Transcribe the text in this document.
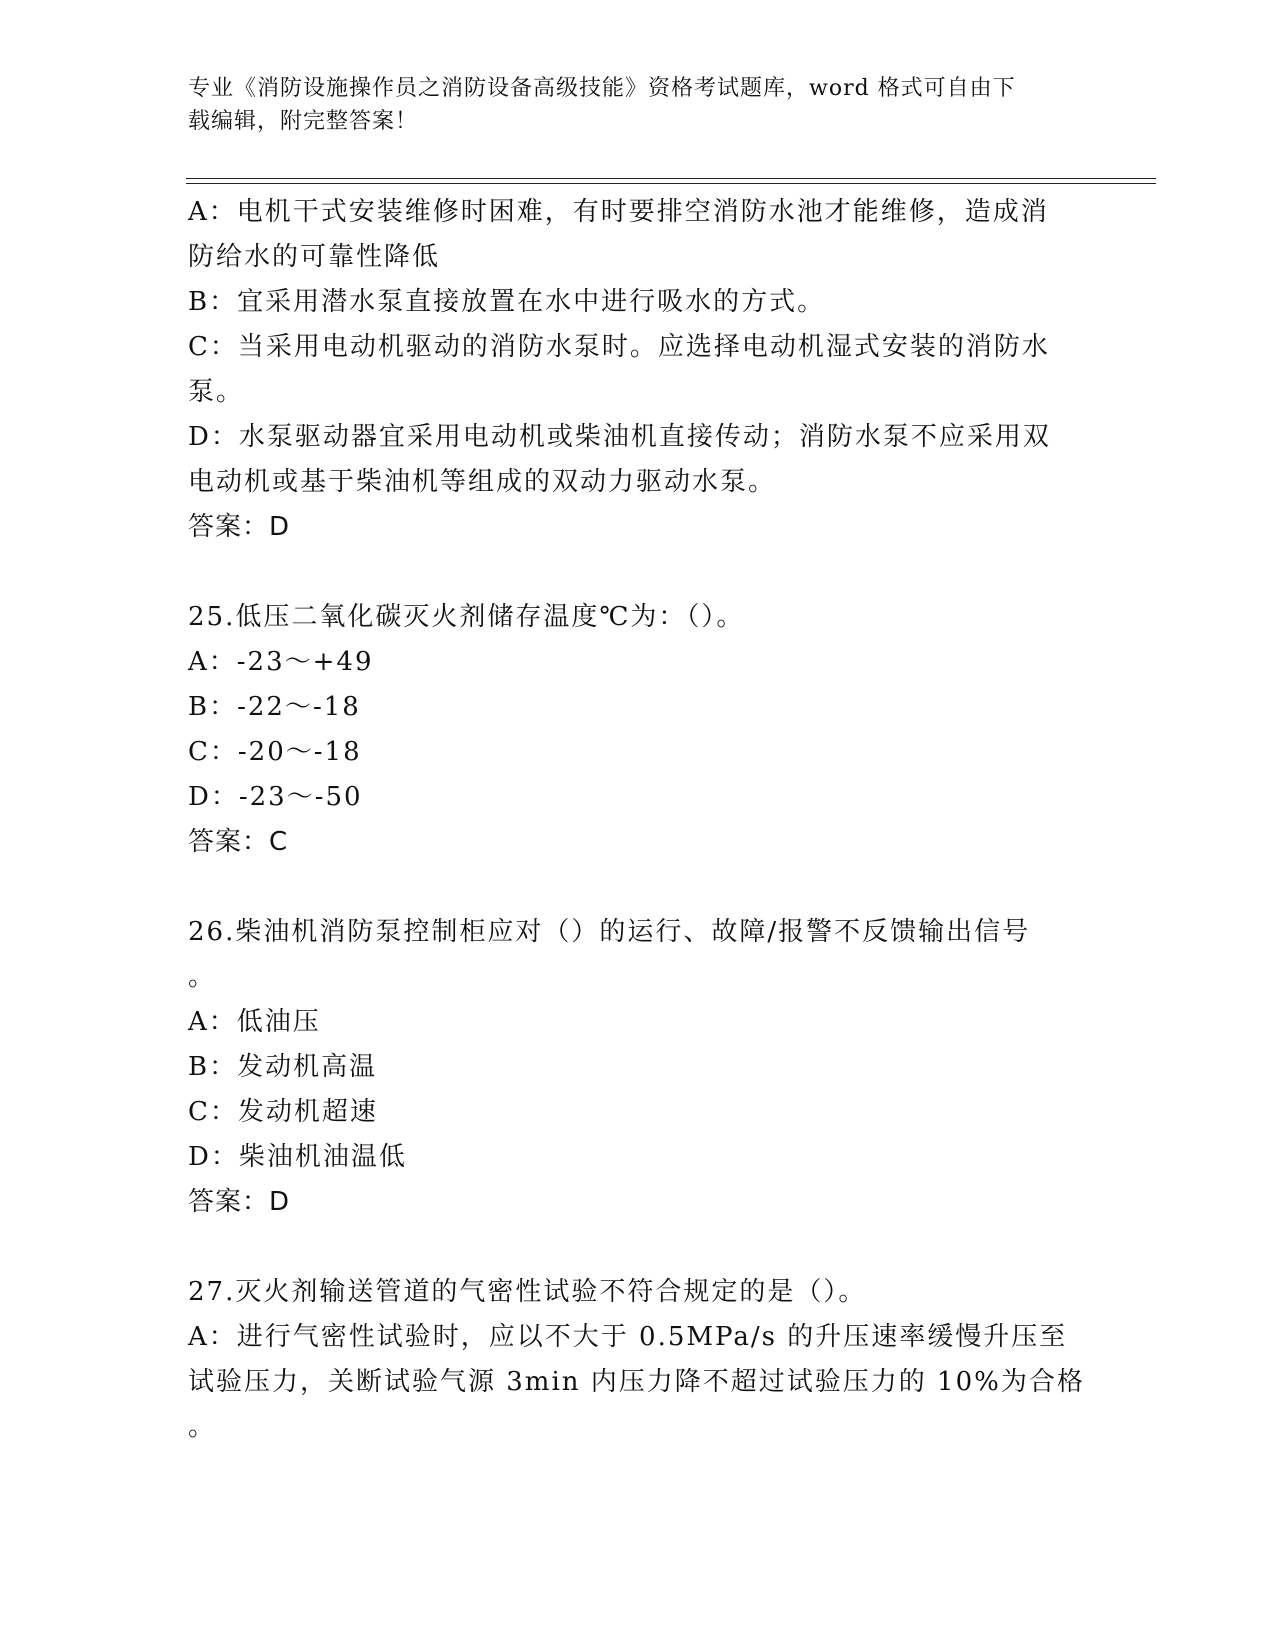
专业《消防设施操作员之消防设备高级技能》资格考试题库，word 格式可自由下
载编辑，附完整答案！
A：电机干式安装维修时困难，有时要排空消防水池才能维修，造成消
防给水的可靠性降低
B：宜采用潜水泵直接放置在水中进行吸水的方式。
C：当采用电动机驱动的消防水泵时。应选择电动机湿式安装的消防水
泵。
D：水泵驱动器宜采用电动机或柴油机直接传动；消防水泵不应采用双
电动机或基于柴油机等组成的双动力驱动水泵。
答案：D
25.低压二氧化碳灭火剂储存温度℃为：（）。
A：-23～+49
B：-22～-18
C：-20～-18
D：-23～-50
答案：C
26.柴油机消防泵控制柜应对（）的运行、故障/报警不反馈输出信号
。
A：低油压
B：发动机高温
C：发动机超速
D：柴油机油温低
答案：D
27.灭火剂输送管道的气密性试验不符合规定的是（）。
A：进行气密性试验时，应以不大于 0.5MPa/s 的升压速率缓慢升压至
试验压力，关断试验气源 3min 内压力降不超过试验压力的 10%为合格
。
